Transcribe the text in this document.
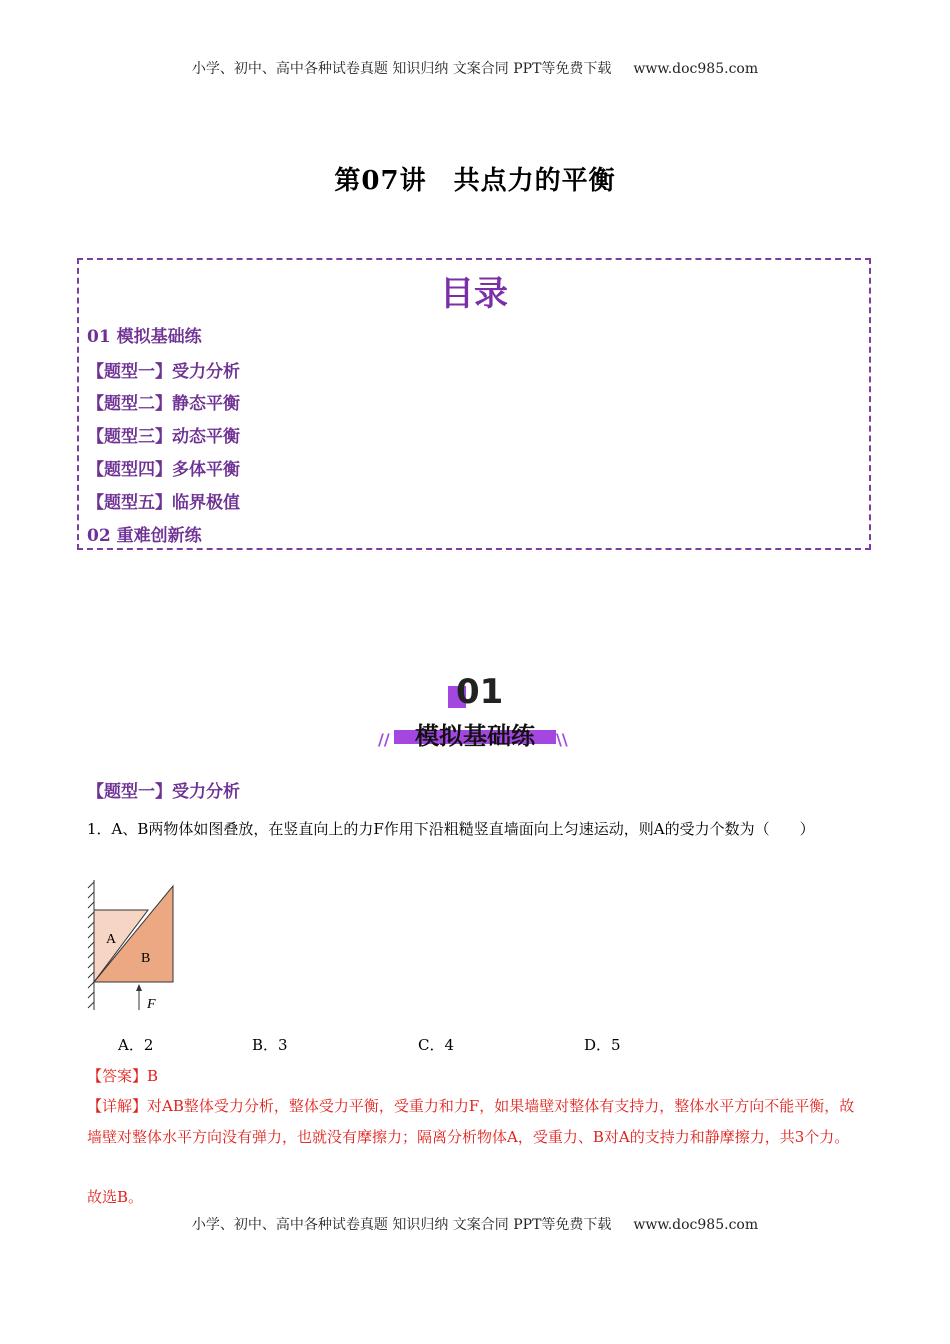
小学、初中、高中各种试卷真题 知识归纳 文案合同 PPT等免费下载 www.doc985.com
第07讲　共点力的平衡
目录
01 模拟基础练
【题型一】受力分析
【题型二】静态平衡
【题型三】动态平衡
【题型四】多体平衡
【题型五】临界极值
02 重难创新练
01
//	\\
模拟基础练
【题型一】受力分析
1．A、B两物体如图叠放，在竖直向上的力F作用下沿粗糙竖直墙面向上匀速运动，则A的受力个数为（　　）
A
B
F
A．2	B．3	C．4	D．5
【答案】B
【详解】对AB整体受力分析，整体受力平衡，受重力和力F，如果墙壁对整体有支持力，整体水平方向不能平衡，故墙壁对整体水平方向没有弹力，也就没有摩擦力；隔离分析物体A，受重力、B对A的支持力和静摩擦力，共3个力。
故选B。
小学、初中、高中各种试卷真题 知识归纳 文案合同 PPT等免费下载 www.doc985.com
